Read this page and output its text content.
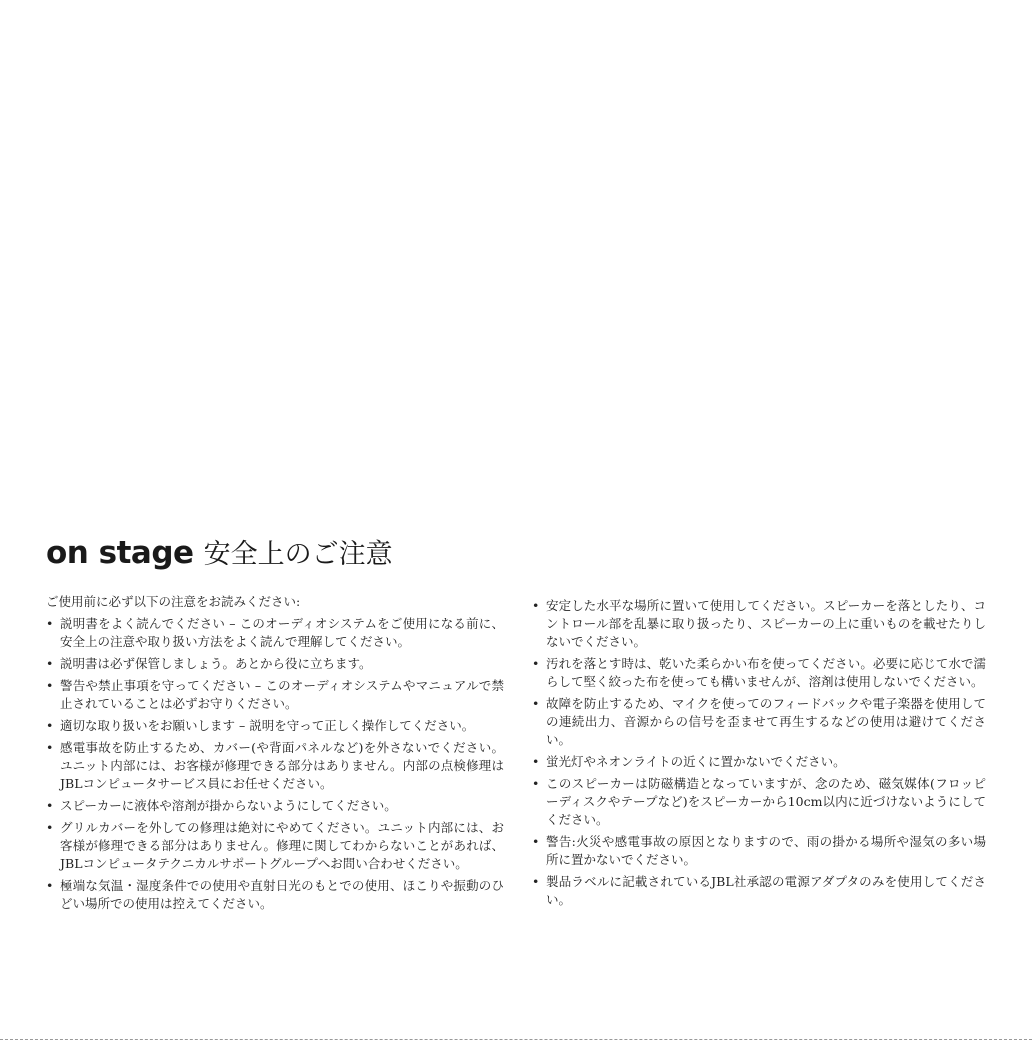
on stage 安全上のご注意

ご使用前に必ず以下の注意をお読みください:

• 説明書をよく読んでください – このオーディオシステムをご使用になる前に、安全上の注意や取り扱い方法をよく読んで理解してください。
• 説明書は必ず保管しましょう。あとから役に立ちます。
• 警告や禁止事項を守ってください – このオーディオシステムやマニュアルで禁止されていることは必ずお守りください。
• 適切な取り扱いをお願いします – 説明を守って正しく操作してください。
• 感電事故を防止するため、カバー(や背面パネルなど)を外さないでください。ユニット内部には、お客様が修理できる部分はありません。内部の点検修理はJBLコンピュータサービス員にお任せください。
• スピーカーに液体や溶剤が掛からないようにしてください。
• グリルカバーを外しての修理は絶対にやめてください。ユニット内部には、お客様が修理できる部分はありません。修理に関してわからないことがあれば、JBLコンピュータテクニカルサポートグループへお問い合わせください。
• 極端な気温・湿度条件での使用や直射日光のもとでの使用、ほこりや振動のひどい場所での使用は控えてください。
• 安定した水平な場所に置いて使用してください。スピーカーを落としたり、コントロール部を乱暴に取り扱ったり、スピーカーの上に重いものを載せたりしないでください。
• 汚れを落とす時は、乾いた柔らかい布を使ってください。必要に応じて水で濡らして堅く絞った布を使っても構いませんが、溶剤は使用しないでください。
• 故障を防止するため、マイクを使ってのフィードバックや電子楽器を使用しての連続出力、音源からの信号を歪ませて再生するなどの使用は避けてください。
• 蛍光灯やネオンライトの近くに置かないでください。
• このスピーカーは防磁構造となっていますが、念のため、磁気媒体(フロッピーディスクやテープなど)をスピーカーから10cm以内に近づけないようにしてください。
• 警告:火災や感電事故の原因となりますので、雨の掛かる場所や湿気の多い場所に置かないでください。
• 製品ラベルに記載されているJBL社承認の電源アダプタのみを使用してください。
